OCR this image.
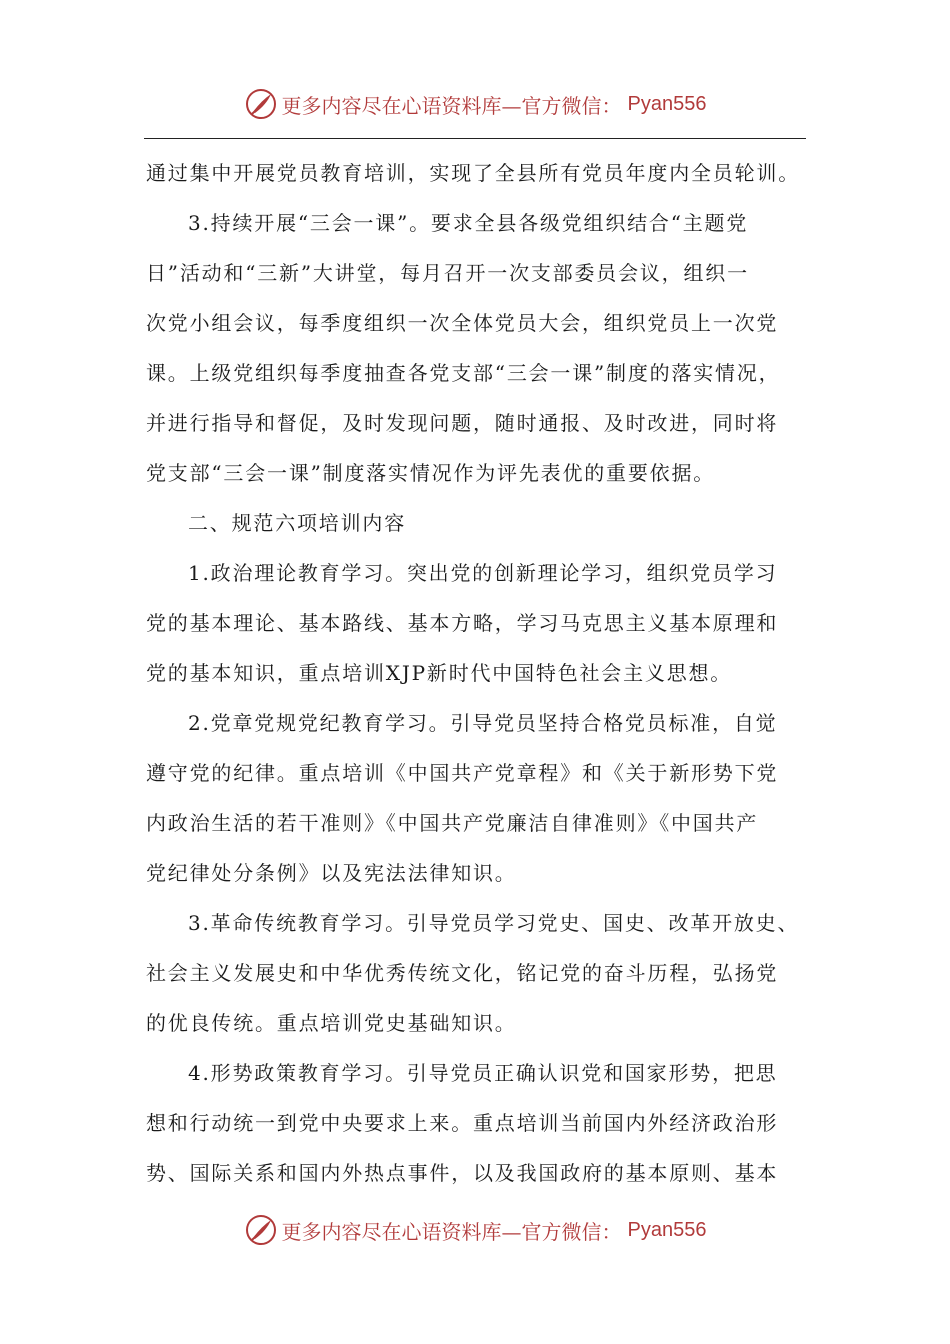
更多内容尽在心语资料库—官方微信： Pyan556
通过集中开展党员教育培训，实现了全县所有党员年度内全员轮训。
3.持续开展“三会一课”。要求全县各级党组织结合“主题党
日”活动和“三新”大讲堂，每月召开一次支部委员会议，组织一
次党小组会议，每季度组织一次全体党员大会，组织党员上一次党
课。上级党组织每季度抽查各党支部“三会一课”制度的落实情况，
并进行指导和督促，及时发现问题，随时通报、及时改进，同时将
党支部“三会一课”制度落实情况作为评先表优的重要依据。
二、规范六项培训内容
1.政治理论教育学习。突出党的创新理论学习，组织党员学习
党的基本理论、基本路线、基本方略，学习马克思主义基本原理和
党的基本知识，重点培训XJP新时代中国特色社会主义思想。
2.党章党规党纪教育学习。引导党员坚持合格党员标准，自觉
遵守党的纪律。重点培训《中国共产党章程》和《关于新形势下党
内政治生活的若干准则》《中国共产党廉洁自律准则》《中国共产
党纪律处分条例》以及宪法法律知识。
3.革命传统教育学习。引导党员学习党史、国史、改革开放史、
社会主义发展史和中华优秀传统文化，铭记党的奋斗历程，弘扬党
的优良传统。重点培训党史基础知识。
4.形势政策教育学习。引导党员正确认识党和国家形势，把思
想和行动统一到党中央要求上来。重点培训当前国内外经济政治形
势、国际关系和国内外热点事件，以及我国政府的基本原则、基本
更多内容尽在心语资料库—官方微信： Pyan556
